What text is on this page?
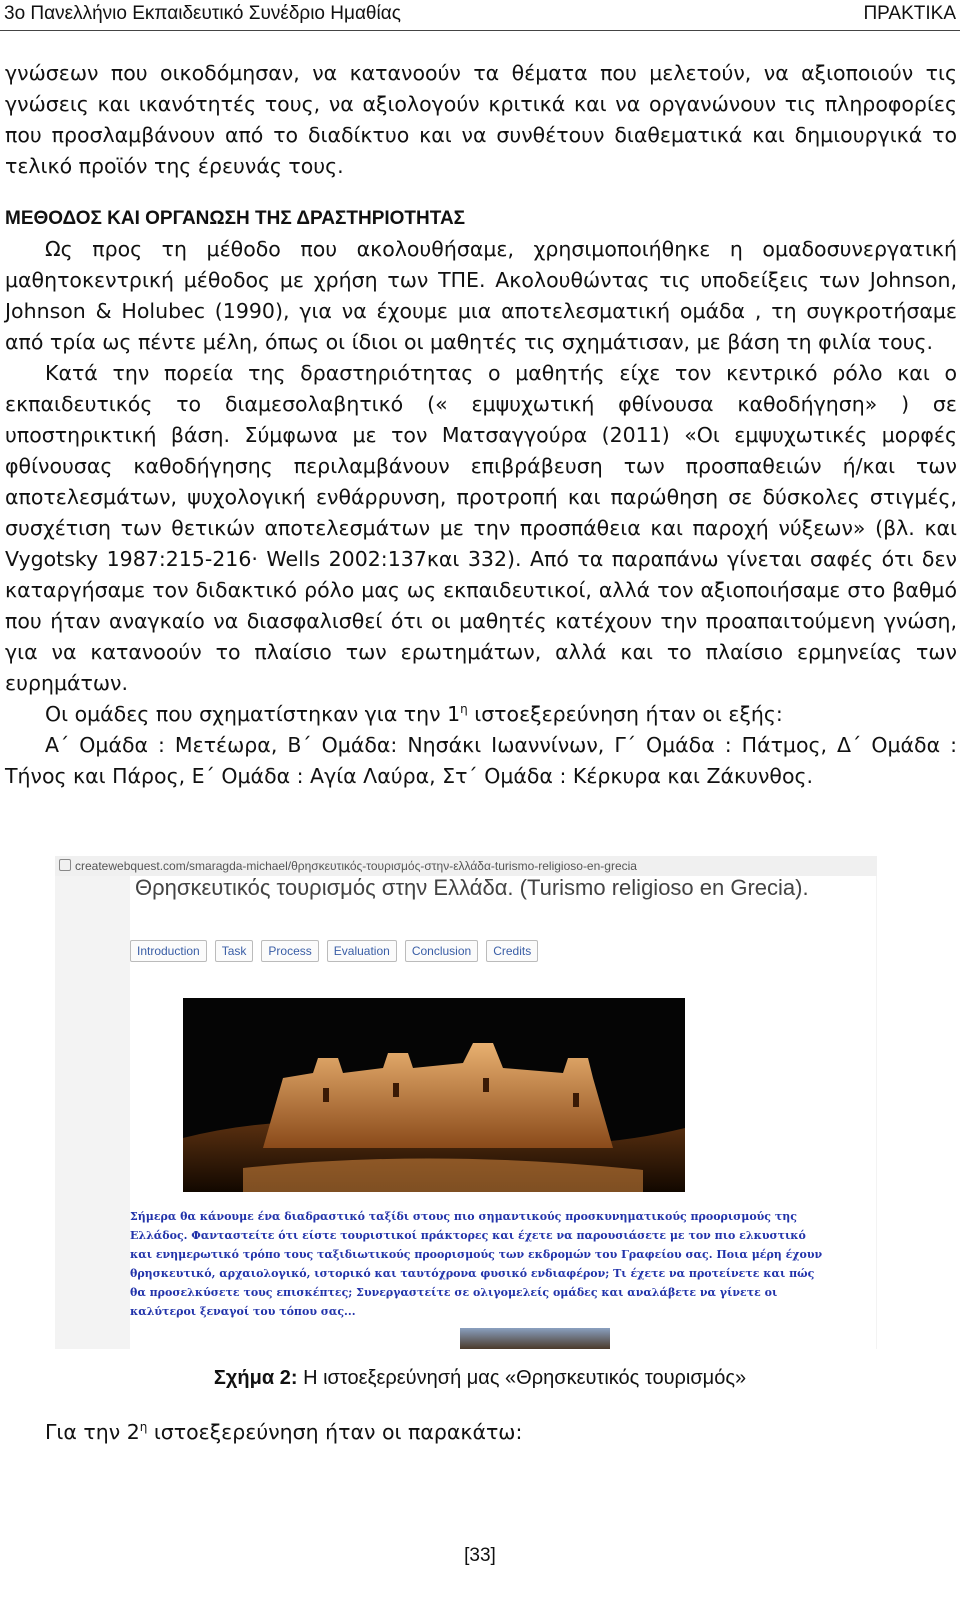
3ο Πανελλήνιο Εκπαιδευτικό Συνέδριο Ημαθίας	ΠΡΑΚΤΙΚΑ

γνώσεων που οικοδόμησαν, να κατανοούν τα θέματα που μελετούν, να αξιοποιούν τις γνώσεις και ικανότητές τους, να αξιολογούν κριτικά και να οργανώνουν τις πληροφορίες που προσλαμβάνουν από το διαδίκτυο και να συνθέτουν διαθεματικά και δημιουργικά το τελικό προϊόν της έρευνάς τους.

ΜΕΘΟΔΟΣ ΚΑΙ ΟΡΓΑΝΩΣΗ ΤΗΣ ΔΡΑΣΤΗΡΙΟΤΗΤΑΣ

Ως προς τη μέθοδο που ακολουθήσαμε, χρησιμοποιήθηκε η ομαδοσυνεργατική μαθητοκεντρική μέθοδος με χρήση των ΤΠΕ. Ακολουθώντας τις υποδείξεις των Johnson, Johnson & Holubec (1990), για να έχουμε μια αποτελεσματική ομάδα , τη συγκροτήσαμε από τρία ως πέντε μέλη, όπως οι ίδιοι οι μαθητές τις σχημάτισαν, με βάση τη φιλία τους.

Κατά την πορεία της δραστηριότητας ο μαθητής είχε τον κεντρικό ρόλο και ο εκπαιδευτικός το διαμεσολαβητικό (« εμψυχωτική φθίνουσα καθοδήγηση» ) σε υποστηρικτική βάση. Σύμφωνα με τον Ματσαγγούρα (2011) «Οι εμψυχωτικές μορφές φθίνουσας καθοδήγησης περιλαμβάνουν επιβράβευση των προσπαθειών ή/και των αποτελεσμάτων, ψυχολογική ενθάρρυνση, προτροπή και παρώθηση σε δύσκολες στιγμές, συσχέτιση των θετικών αποτελεσμάτων με την προσπάθεια και παροχή νύξεων» (βλ. και Vygotsky 1987:215-216· Wells 2002:137και 332). Από τα παραπάνω γίνεται σαφές ότι δεν καταργήσαμε τον διδακτικό ρόλο μας ως εκπαιδευτικοί, αλλά τον αξιοποιήσαμε στο βαθμό που ήταν αναγκαίο να διασφαλισθεί ότι οι μαθητές κατέχουν την προαπαιτούμενη γνώση, για να κατανοούν το πλαίσιο των ερωτημάτων, αλλά και το πλαίσιο ερμηνείας των ευρημάτων.

Οι ομάδες που σχηματίστηκαν για την $1^\eta$ ιστοεξερεύνηση ήταν οι εξής:

Α΄ Ομάδα : Μετέωρα, Β΄ Ομάδα: Νησάκι Ιωαννίνων, Γ΄ Ομάδα : Πάτμος, Δ΄ Ομάδα : Τήνος και Πάρος, Ε΄ Ομάδα : Αγία Λαύρα, Στ΄ Ομάδα : Κέρκυρα και Ζάκυνθος.

createwebquest.com/smaragda-michael/θρησκευτικός-τουρισμός-στην-ελλάδα-turismo-religioso-en-grecia
Θρησκευτικός τουρισμός στην Ελλάδα. (Turismo religioso en Grecia).
Introduction	Task	Process	Evaluation	Conclusion	Credits
Σήμερα θα κάνουμε ένα διαδραστικό ταξίδι στους πιο σημαντικούς προσκυνηματικούς προορισμούς της Ελλάδος. Φανταστείτε ότι είστε τουριστικοί πράκτορες και έχετε να παρουσιάσετε με τον πιο ελκυστικό και ενημερωτικό τρόπο τους ταξιδιωτικούς προορισμούς των εκδρομών του Γραφείου σας. Ποια μέρη έχουν θρησκευτικό, αρχαιολογικό, ιστορικό και ταυτόχρονα φυσικό ενδιαφέρον; Τι έχετε να προτείνετε και πώς θα προσελκύσετε τους επισκέπτες; Συνεργαστείτε σε ολιγομελείς ομάδες και αναλάβετε να γίνετε οι καλύτεροι ξεναγοί του τόπου σας...
Σχήμα 2: Η ιστοεξερεύνησή μας «Θρησκευτικός τουρισμός»
Για την $2^\eta$ ιστοεξερεύνηση ήταν οι παρακάτω:
[33]
